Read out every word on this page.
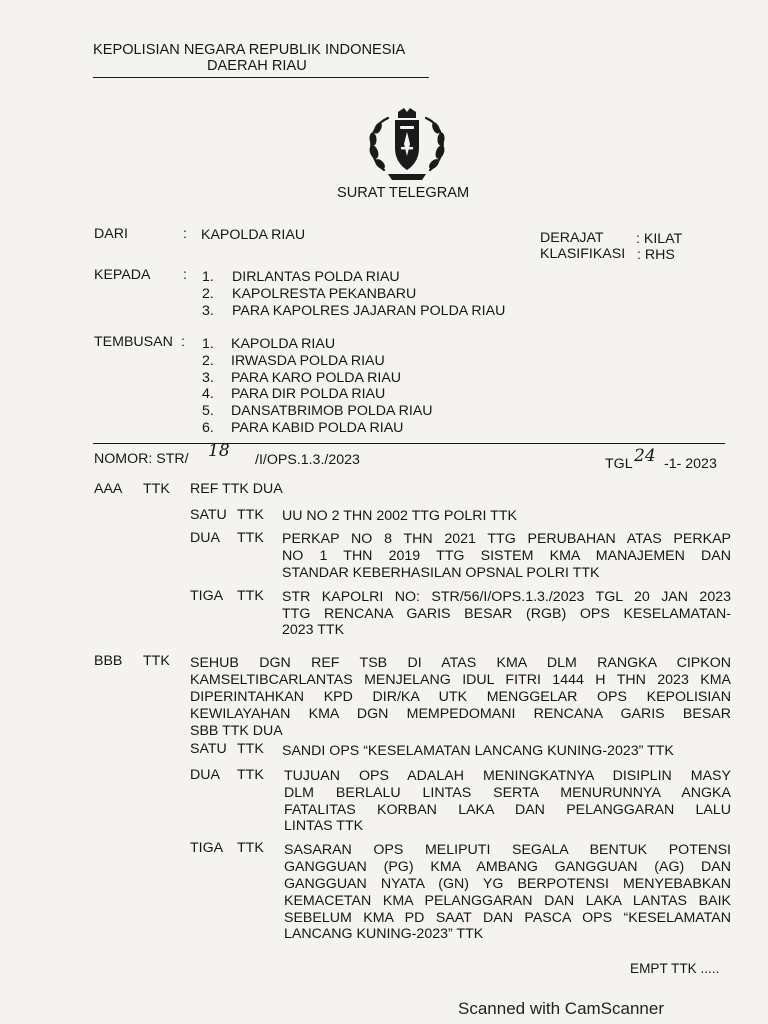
KEPOLISIAN NEGARA REPUBLIK INDONESIA
DAERAH RIAU
SURAT TELEGRAM
DARI	: KAPOLDA RIAU	DERAJAT : KILAT
KLASIFIKASI : RHS
KEPADA : 1. DIRLANTAS POLDA RIAU
2. KAPOLRESTA PEKANBARU
3. PARA KAPOLRES JAJARAN POLDA RIAU
TEMBUSAN : 1. KAPOLDA RIAU
2. IRWASDA POLDA RIAU
3. PARA KARO POLDA RIAU
4. PARA DIR POLDA RIAU
5. DANSATBRIMOB POLDA RIAU
6. PARA KABID POLDA RIAU
NOMOR: STR/ 18 /I/OPS.1.3./2023	TGL 24 -1- 2023
AAA TTK REF TTK DUA
SATU TTK UU NO 2 THN 2002 TTG POLRI TTK
DUA TTK PERKAP NO 8 THN 2021 TTG PERUBAHAN ATAS PERKAP
NO 1 THN 2019 TTG SISTEM KMA MANAJEMEN DAN
STANDAR KEBERHASILAN OPSNAL POLRI TTK
TIGA TTK STR KAPOLRI NO: STR/56/I/OPS.1.3./2023 TGL 20 JAN 2023
TTG RENCANA GARIS BESAR (RGB) OPS KESELAMATAN-
2023 TTK
BBB TTK SEHUB DGN REF TSB DI ATAS KMA DLM RANGKA CIPKON
KAMSELTIBCARLANTAS MENJELANG IDUL FITRI 1444 H THN 2023 KMA
DIPERINTAHKAN KPD DIR/KA UTK MENGGELAR OPS KEPOLISIAN
KEWILAYAHAN KMA DGN MEMPEDOMANI RENCANA GARIS BESAR
SBB TTK DUA
SATU TTK SANDI OPS “KESELAMATAN LANCANG KUNING-2023” TTK
DUA TTK TUJUAN OPS ADALAH MENINGKATNYA DISIPLIN MASY
DLM BERLALU LINTAS SERTA MENURUNNYA ANGKA
FATALITAS KORBAN LAKA DAN PELANGGARAN LALU
LINTAS TTK
TIGA TTK SASARAN OPS MELIPUTI SEGALA BENTUK POTENSI
GANGGUAN (PG) KMA AMBANG GANGGUAN (AG) DAN
GANGGUAN NYATA (GN) YG BERPOTENSI MENYEBABKAN
KEMACETAN KMA PELANGGARAN DAN LAKA LANTAS BAIK
SEBELUM KMA PD SAAT DAN PASCA OPS “KESELAMATAN
LANCANG KUNING-2023” TTK
EMPT TTK .....
Scanned with CamScanner
